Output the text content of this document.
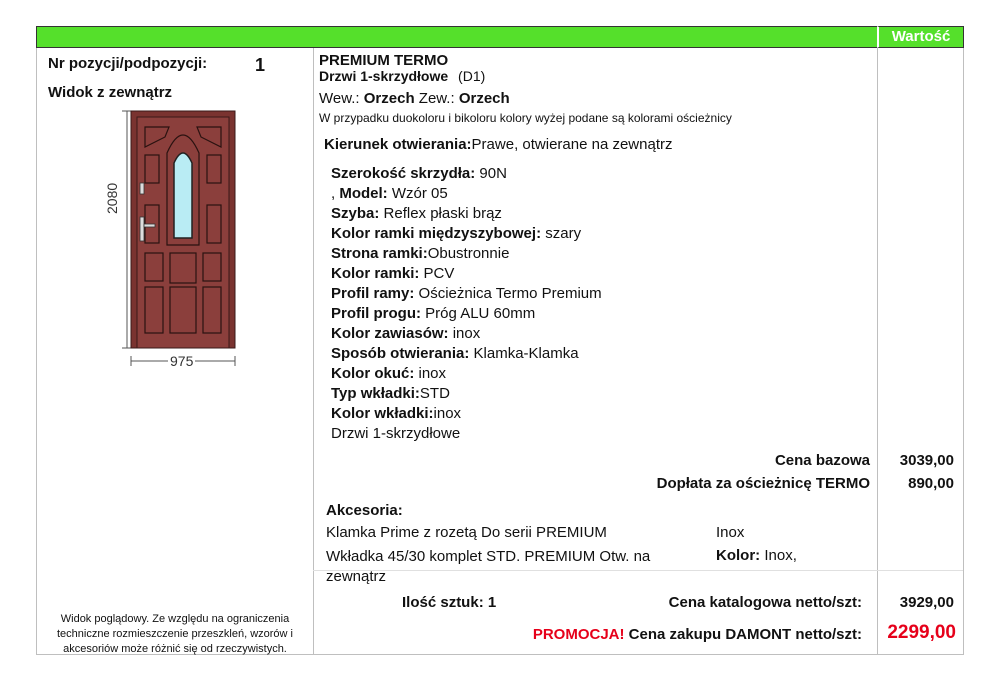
Wartość
Nr pozycji/podpozycji:	1
Widok z zewnątrz
2080
975
Widok poglądowy. Ze względu na ograniczenia
techniczne rozmieszczenie przeszkleń, wzorów i
akcesoriów może różnić się od rzeczywistych.
PREMIUM TERMO
Drzwi 1-skrzydłowe (D1)
Wew.: Orzech Zew.: Orzech
W przypadku duokoloru i bikoloru kolory wyżej podane są kolorami ościeżnicy
Kierunek otwierania:Prawe, otwierane na zewnątrz
Szerokość skrzydła: 90N
, Model: Wzór 05
Szyba: Reflex płaski brąz
Kolor ramki międzyszybowej: szary
Strona ramki:Obustronnie
Kolor ramki: PCV
Profil ramy: Ościeżnica Termo Premium
Profil progu: Próg ALU 60mm
Kolor zawiasów: inox
Sposób otwierania: Klamka-Klamka
Kolor okuć: inox
Typ wkładki:STD
Kolor wkładki:inox
Drzwi 1-skrzydłowe
Cena bazowa	3039,00
Dopłata za ościeżnicę TERMO	890,00
Akcesoria:
Klamka Prime z rozetą Do serii PREMIUM	Inox
Wkładka 45/30 komplet STD. PREMIUM Otw. na
zewnątrz
Kolor: Inox,
Ilość sztuk: 1	Cena katalogowa netto/szt:	3929,00
PROMOCJA! Cena zakupu DAMONT netto/szt:	2299,00
